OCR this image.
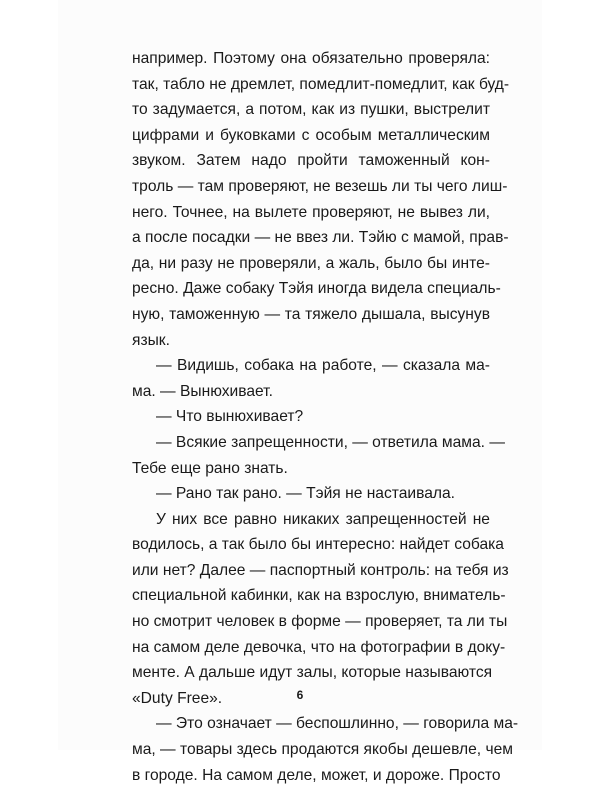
например. Поэтому она обязательно проверяла:
так, табло не дремлет, помедлит-помедлит, как буд-
то задумается, а потом, как из пушки, выстрелит
цифрами и буковками с особым металлическим
звуком. Затем надо пройти таможенный кон-
троль — там проверяют, не везешь ли ты чего лиш-
него. Точнее, на вылете проверяют, не вывез ли,
а после посадки — не ввез ли. Тэйю с мамой, прав-
да, ни разу не проверяли, а жаль, было бы инте-
ресно. Даже собаку Тэйя иногда видела специаль-
ную, таможенную — та тяжело дышала, высунув
язык.
— Видишь, собака на работе, — сказала ма-
ма. — Вынюхивает.
— Что вынюхивает?
— Всякие запрещенности, — ответила мама. —
Тебе еще рано знать.
— Рано так рано. — Тэйя не настаивала.
У них все равно никаких запрещенностей не
водилось, а так было бы интересно: найдет собака
или нет? Далее — паспортный контроль: на тебя из
специальной кабинки, как на взрослую, вниматель-
но смотрит человек в форме — проверяет, та ли ты
на самом деле девочка, что на фотографии в доку-
менте. А дальше идут залы, которые называются
«Duty Free».
— Это означает — беспошлинно, — говорила ма-
ма, — товары здесь продаются якобы дешевле, чем
в городе. На самом деле, может, и дороже. Просто
6
